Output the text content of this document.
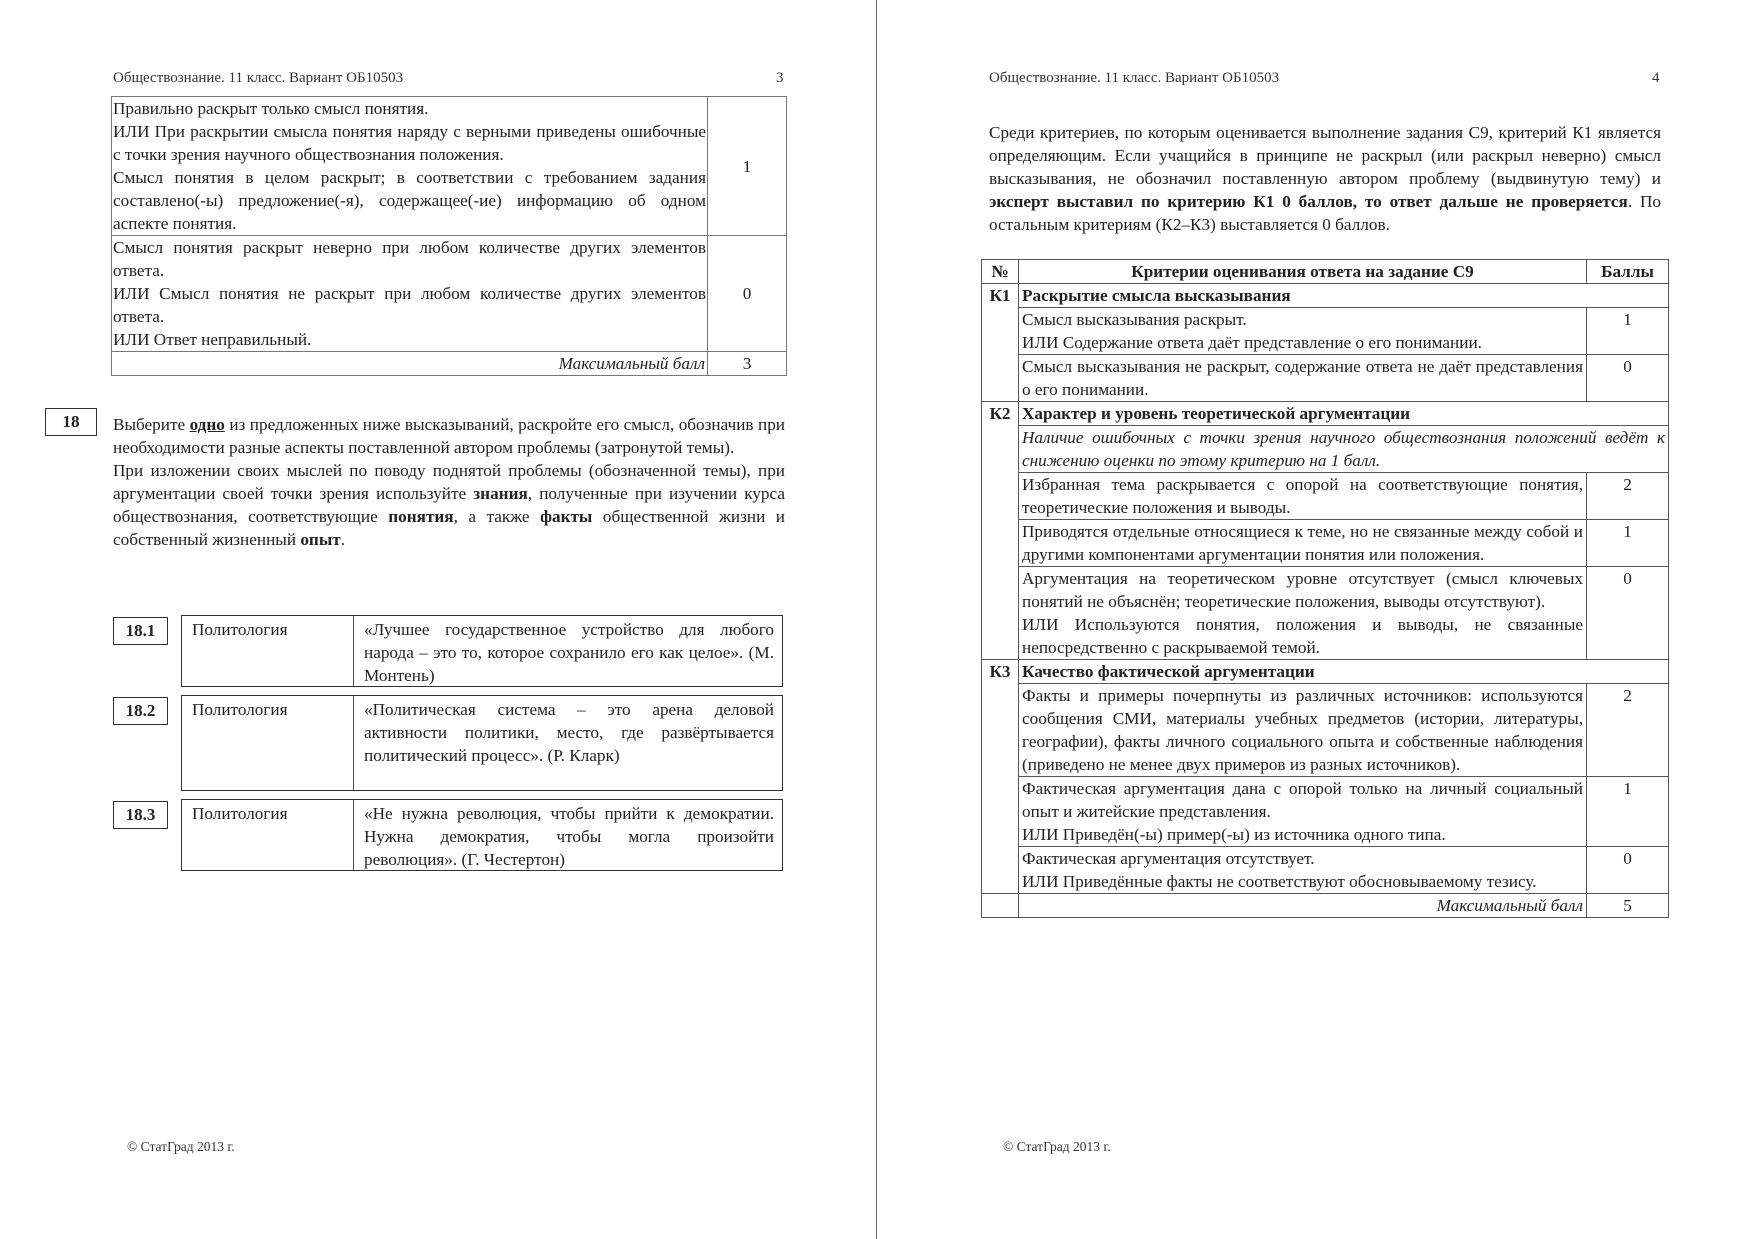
Обществознание. 11 класс. Вариант ОБ10503	3
Правильно раскрыт только смысл понятия.
ИЛИ При раскрытии смысла понятия наряду с верными приведены ошибочные с точки зрения научного обществознания положения.
Смысл понятия в целом раскрыт; в соответствии с требованием задания составлено(-ы) предложение(-я), содержащее(-ие) информацию об одном аспекте понятия.	1

Смысл понятия раскрыт неверно при любом количестве других элементов ответа.
ИЛИ Смысл понятия не раскрыт при любом количестве других элементов ответа.
ИЛИ Ответ неправильный.	0
Максимальный балл	3
18	Выберите одно из предложенных ниже высказываний, раскройте его смысл, обозначив при необходимости разные аспекты поставленной автором проблемы (затронутой темы).

При изложении своих мыслей по поводу поднятой проблемы (обозначенной темы), при аргументации своей точки зрения используйте знания, полученные при изучении курса обществознания, соответствующие понятия, а также факты общественной жизни и собственный жизненный опыт.

18.1	Политология	«Лучшее государственное устройство для любого народа – это то, которое сохранило его как целое». (М. Монтень)
18.2	Политология	«Политическая система – это арена деловой активности политики, место, где развёртывается политический процесс». (Р. Кларк)
18.3	Политология	«Не нужна революция, чтобы прийти к демократии. Нужна демократия, чтобы могла произойти революция». (Г. Честертон)
© СтатГрад 2013 г.
Обществознание. 11 класс. Вариант ОБ10503	4
© СтатГрад 2013 г.

Среди критериев, по которым оценивается выполнение задания С9, критерий К1 является определяющим. Если учащийся в принципе не раскрыл (или раскрыл неверно) смысл высказывания, не обозначил поставленную автором проблему (выдвинутую тему) и эксперт выставил по критерию К1 0 баллов, то ответ дальше не проверяется. По остальным критериям (К2–К3) выставляется 0 баллов.

№	Критерии оценивания ответа на задание С9	Баллы
К1	Раскрытие смысла высказывания	

	Смысл высказывания раскрыт.
ИЛИ Содержание ответа даёт представление о его понимании.	1

	Смысл высказывания не раскрыт, содержание ответа не даёт представления о его понимании.	0
К2	Характер и уровень теоретической аргументации	
	Наличие ошибочных с точки зрения научного обществознания положений ведёт к снижению оценки по этому критерию на 1 балл.	

	Избранная тема раскрывается с опорой на соответствующие понятия, теоретические положения и выводы.	2

	Приводятся отдельные относящиеся к теме, но не связанные между собой и другими компонентами аргументации понятия или положения.	1

	Аргументация на теоретическом уровне отсутствует (смысл ключевых понятий не объяснён; теоретические положения, выводы отсутствуют).
ИЛИ Используются понятия, положения и выводы, не связанные непосредственно с раскрываемой темой.	0
К3	Качество фактической аргументации	

	Факты и примеры почерпнуты из различных источников: используются сообщения СМИ, материалы учебных предметов (истории, литературы, географии), факты личного социального опыта и собственные наблюдения (приведено не менее двух примеров из разных источников).	2

	Фактическая аргументация дана с опорой только на личный социальный опыт и житейские представления.
ИЛИ Приведён(-ы) пример(-ы) из источника одного типа.	1

	Фактическая аргументация отсутствует.
ИЛИ Приведённые факты не соответствуют обосновываемому тезису.	0
	Максимальный балл	5
